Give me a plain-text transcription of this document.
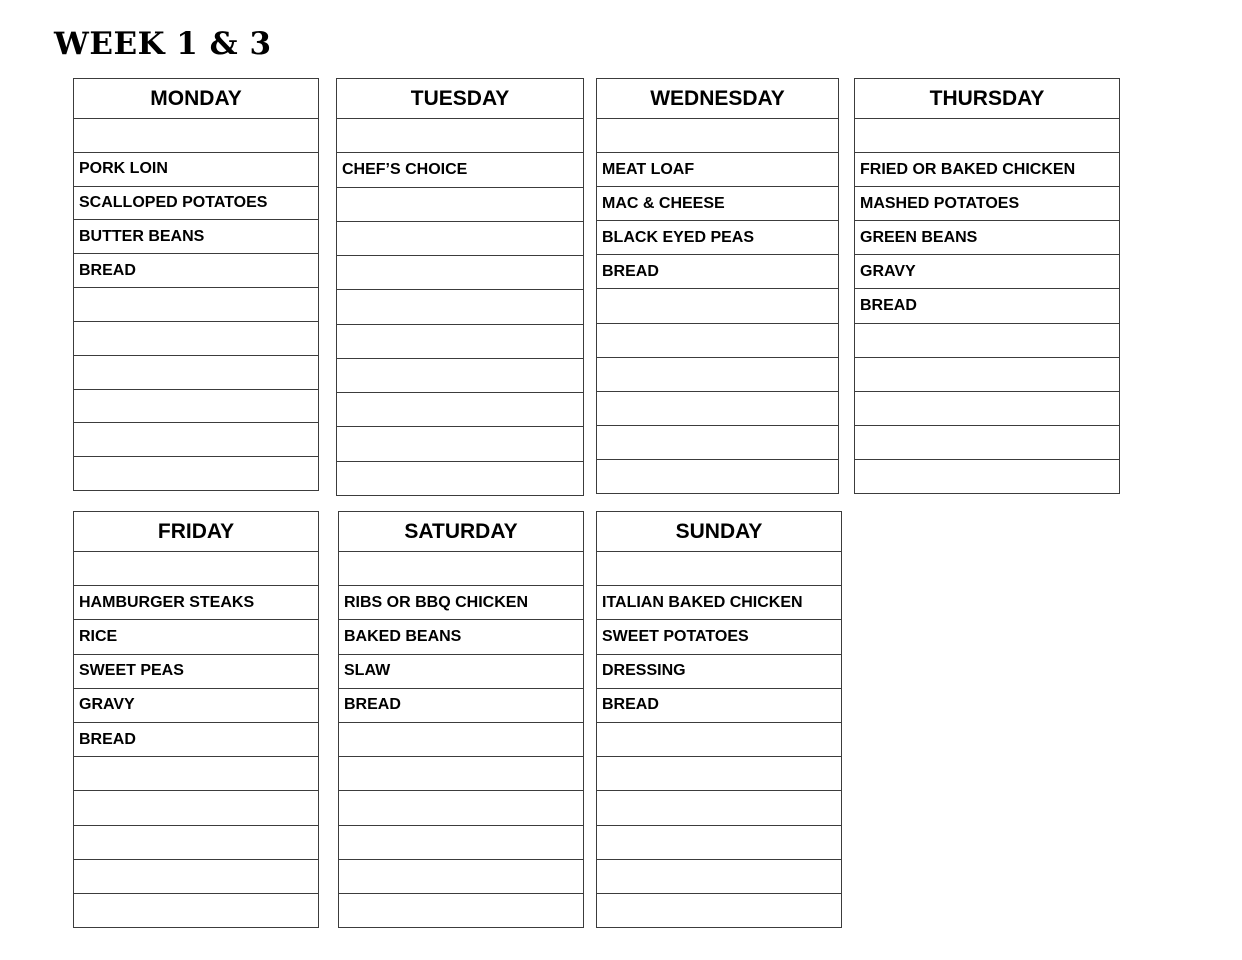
WEEK 1 & 3
MONDAY
PORK LOIN
SCALLOPED POTATOES
BUTTER BEANS
BREAD
TUESDAY
CHEF’S CHOICE
WEDNESDAY
MEAT LOAF
MAC & CHEESE
BLACK EYED PEAS
BREAD
THURSDAY
FRIED OR BAKED CHICKEN
MASHED POTATOES
GREEN BEANS
GRAVY
BREAD
FRIDAY
HAMBURGER STEAKS
RICE
SWEET PEAS
GRAVY
BREAD
SATURDAY
RIBS OR BBQ CHICKEN
BAKED BEANS
SLAW
BREAD
SUNDAY
ITALIAN BAKED CHICKEN
SWEET POTATOES
DRESSING
BREAD
